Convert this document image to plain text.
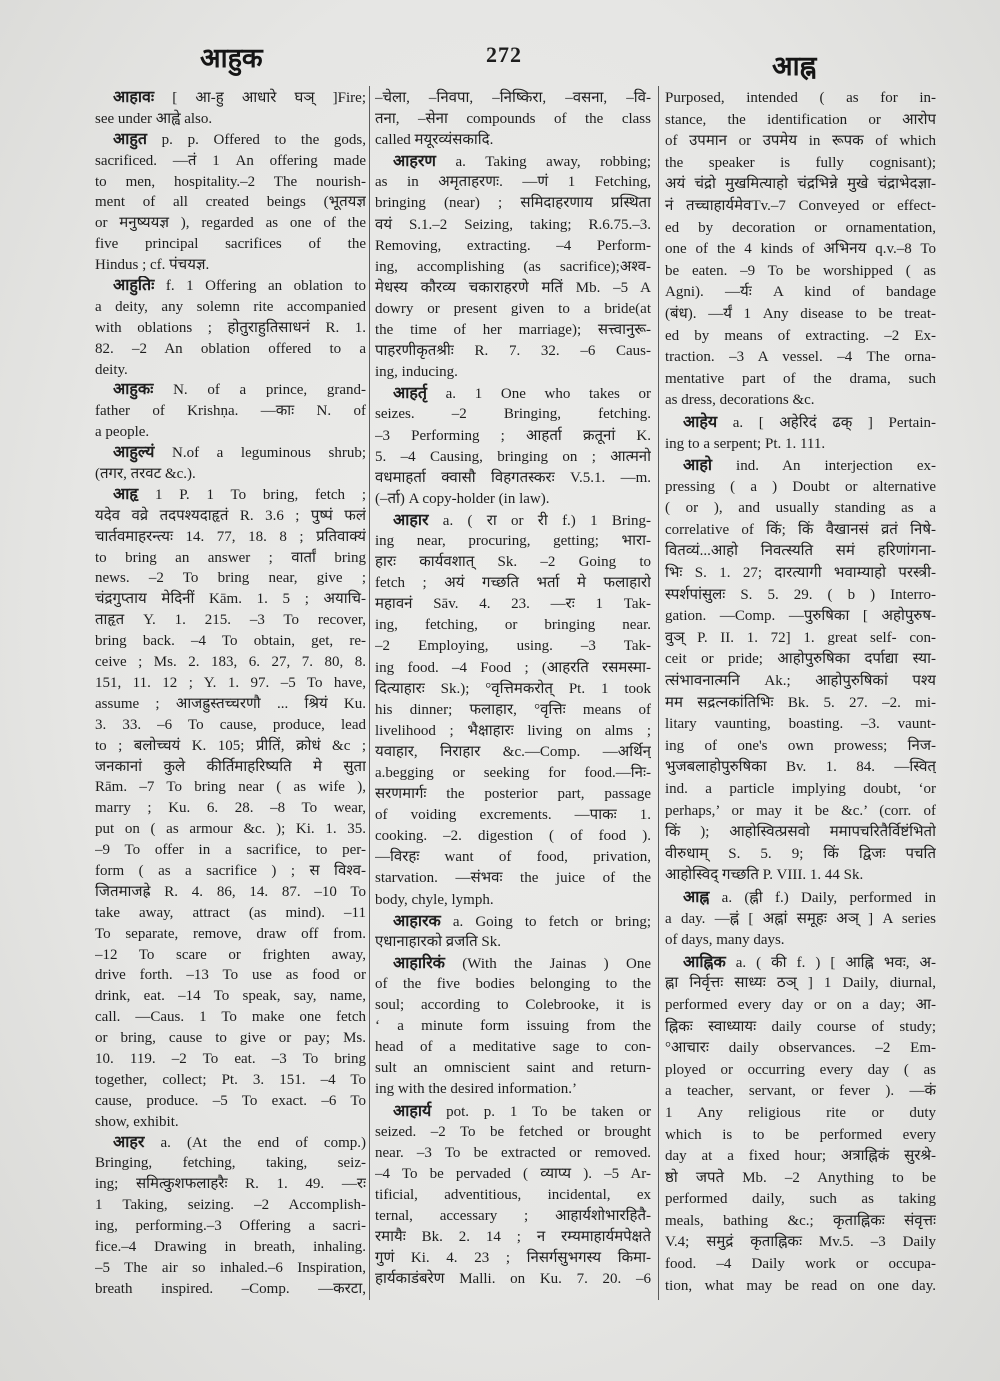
आहुक	272	आह्न
आहावः [ आ-हु आधारे घञ् ]Fire;
see under आह्वे also.
आहुत p. p. Offered to the gods,
sacrificed. —तं 1 An offering made
to men, hospitality.–2 The nourish-
ment of all created beings (भूतयज्ञ
or मनुष्ययज्ञ ), regarded as one of the
five principal sacrifices of the
Hindus ; cf. पंचयज्ञ.
आहुतिः f. 1 Offering an oblation to
a deity, any solemn rite accompanied
with oblations ; होतुराहुतिसाधनं R. 1.
82. –2 An oblation offered to a
deity.
आहुकः N. of a prince, grand-
father of Krishṇa. —काः N. of
a people.
आहुल्यं N.of a leguminous shrub;
(तगर, तरवट &c.).
आहृ 1 P. 1 To bring, fetch ;
यदेव वव्रे तदपश्यदाहृतं R. 3.6 ; पुष्पं फलं
चार्तवमाहरन्त्यः 14. 77, 18. 8 ; प्रतिवाक्यं
to bring an answer ; वार्तां bring
news. –2 To bring near, give ;
चंद्रगुप्ताय मेदिनीं Kām. 1. 5 ; अयाचि-
ताहृत Y. 1. 215. –3 To recover,
bring back. –4 To obtain, get, re-
ceive ; Ms. 2. 183, 6. 27, 7. 80, 8.
151, 11. 12 ; Y. 1. 97. –5 To have,
assume ; आजह्रुस्तच्चरणौ ... श्रियं Ku.
3. 33. –6 To cause, produce, lead
to ; बलोच्चयं K. 105; प्रीतिं, क्रोधं &c ;
जनकानां कुले कीर्तिमाहरिष्यति मे सुता
Rām. –7 To bring near ( as wife ),
marry ; Ku. 6. 28. –8 To wear,
put on ( as armour &c. ); Ki. 1. 35.
–9 To offer in a sacrifice, to per-
form ( as a sacrifice ) ; स विश्व-
जितमाजह्रे R. 4. 86, 14. 87. –10 To
take away, attract (as mind). –11
To separate, remove, draw off from.
–12 To scare or frighten away,
drive forth. –13 To use as food or
drink, eat. –14 To speak, say, name,
call. —Caus. 1 To make one fetch
or bring, cause to give or pay; Ms.
10. 119. –2 To eat. –3 To bring
together, collect; Pt. 3. 151. –4 To
cause, produce. –5 To exact. –6 To
show, exhibit.
आहर a. (At the end of comp.)
Bringing, fetching, taking, seiz-
ing; समित्कुशफलाहरैः R. 1. 49. —रः
1 Taking, seizing. –2 Accomplish-
ing, performing.–3 Offering a sacri-
fice.–4 Drawing in breath, inhaling.
–5 The air so inhaled.–6 Inspiration,
breath inspired. –Comp. —करटा,
–चेला, –निवपा, –निष्किरा, –वसना, –वि-
तना, –सेना compounds of the class
called मयूरव्यंसकादि.
आहरण a. Taking away, robbing;
as in अमृताहरणः. —णं 1 Fetching,
bringing (near) ; समिदाहरणाय प्रस्थिता
वयं S.1.–2 Seizing, taking; R.6.75.–3.
Removing, extracting. –4 Perform-
ing, accomplishing (as sacrifice);अश्व-
मेधस्य कौरव्य चकाराहरणे मतिं Mb. –5 A
dowry or present given to a bride(at
the time of her marriage); सत्त्वानुरू-
पाहरणीकृतश्रीः R. 7. 32. –6 Caus-
ing, inducing.
आहर्तृ a. 1 One who takes or
seizes. –2 Bringing, fetching.
–3 Performing ; आहर्ता क्रतूनां K.
5. –4 Causing, bringing on ; आत्मनो
वधमाहर्ता क्वासौ विहगतस्करः V.5.1. —m.
(–र्ता) A copy-holder (in law).
आहार a. ( रा or री f.) 1 Bring-
ing near, procuring, getting; भारा-
हारः कार्यवशात् Sk. –2 Going to
fetch ; अयं गच्छति भर्ता मे फलाहारो
महावनं Sāv. 4. 23. —रः 1 Tak-
ing, fetching, or bringing near.
–2 Employing, using. –3 Tak-
ing food. –4 Food ; (आहरति रसमस्मा-
दित्याहारः Sk.); °वृत्तिमकरोत् Pt. 1 took
his dinner; फलाहार, °वृत्तिः means of
livelihood ; भैक्षाहारः living on alms ;
यवाहार, निराहार &c.—Comp. —अर्थिन्
a.begging or seeking for food.—निः-
सरणमार्गः the posterior part, passage
of voiding excrements. —पाकः 1.
cooking. –2. digestion ( of food ).
—विरहः want of food, privation,
starvation. —संभवः the juice of the
body, chyle, lymph.
आहारक a. Going to fetch or bring;
एधानाहारको व्रजति Sk.
आहारिकं (With the Jainas ) One
of the five bodies belonging to the
soul; according to Colebrooke, it is
‘ a minute form issuing from the
head of a meditative sage to con-
sult an omniscient saint and return-
ing with the desired information.’
आहार्य pot. p. 1 To be taken or
seized. –2 To be fetched or brought
near. –3 To be extracted or removed.
–4 To be pervaded ( व्याप्य ). –5 Ar-
tificial, adventitious, incidental, ex
ternal, accessary ; आहार्यशोभारहितै-
रमायैः Bk. 2. 14 ; न रम्यमाहार्यमपेक्षते
गुणं Ki. 4. 23 ; निसर्गसुभगस्य किमा-
हार्यकाडंबरेण Malli. on Ku. 7. 20. –6
Purposed, intended ( as for in-
stance, the identification or आरोप
of उपमान or उपमेय in रूपक of which
the speaker is fully cognisant);
अयं चंद्रो मुखमित्याहो चंद्रभिन्ने मुखे चंद्राभेदज्ञा-
नं तच्चाहार्यमेवTv.–7 Conveyed or effect-
ed by decoration or ornamentation,
one of the 4 kinds of अभिनय q.v.–8 To
be eaten. –9 To be worshipped ( as
Agni). —र्यः A kind of bandage
(बंध). —र्यं 1 Any disease to be treat-
ed by means of extracting. –2 Ex-
traction. –3 A vessel. –4 The orna-
mentative part of the drama, such
as dress, decorations &c.
आहेय a. [ अहेरिदं ढक् ] Pertain-
ing to a serpent; Pt. 1. 111.
आहो ind. An interjection ex-
pressing ( a ) Doubt or alternative
( or ), and usually standing as a
correlative of किं; किं वैखानसं व्रतं निषे-
वितव्यं...आहो निवत्स्यति समं हरिणांगना-
भिः S. 1. 27; दारत्यागी भवाम्याहो परस्त्री-
स्पर्शपांसुलः S. 5. 29. ( b ) Interro-
gation. —Comp. —पुरुषिका [ अहोपुरुष-
वुञ् P. II. 1. 72] 1. great self- con-
ceit or pride; आहोपुरुषिका दर्पाद्या स्या-
त्संभावनात्मनि Ak.; आहोपुरुषिकां पश्य
मम सद्रत्नकांतिभिः Bk. 5. 27. –2. mi-
litary vaunting, boasting. –3. vaunt-
ing of one's own prowess; निज-
भुजबलाहोपुरुषिका Bv. 1. 84. —स्वित्
ind. a particle implying doubt, ‘or
perhaps,’ or may it be &c.’ (corr. of
किं ); आहोस्वित्प्रसवो ममापचरितैर्विष्टंभितो
वीरुधाम् S. 5. 9; किं द्विजः पचति
आहोस्विद् गच्छति P. VIII. 1. 44 Sk.
आह्न a. (ह्नी f.) Daily, performed in
a day. —ह्नं [ अह्नां समूहः अञ् ] A series
of days, many days.
आह्निक a. ( की f. ) [ आह्नि भवः, अ-
ह्ना निर्वृत्तः साध्यः ठञ् ] 1 Daily, diurnal,
performed every day or on a day; आ-
ह्निकः स्वाध्यायः daily course of study;
°आचारः daily observances. –2 Em-
ployed or occurring every day ( as
a teacher, servant, or fever ). —कं
1 Any religious rite or duty
which is to be performed every
day at a fixed hour; अत्राह्निकं सुरश्रे-
ष्ठो जपते Mb. –2 Anything to be
performed daily, such as taking
meals, bathing &c.; कृताह्निकः संवृत्तः
V.4; समुद्रं कृताह्निकः Mv.5. –3 Daily
food. –4 Daily work or occupa-
tion, what may be read on one day.
